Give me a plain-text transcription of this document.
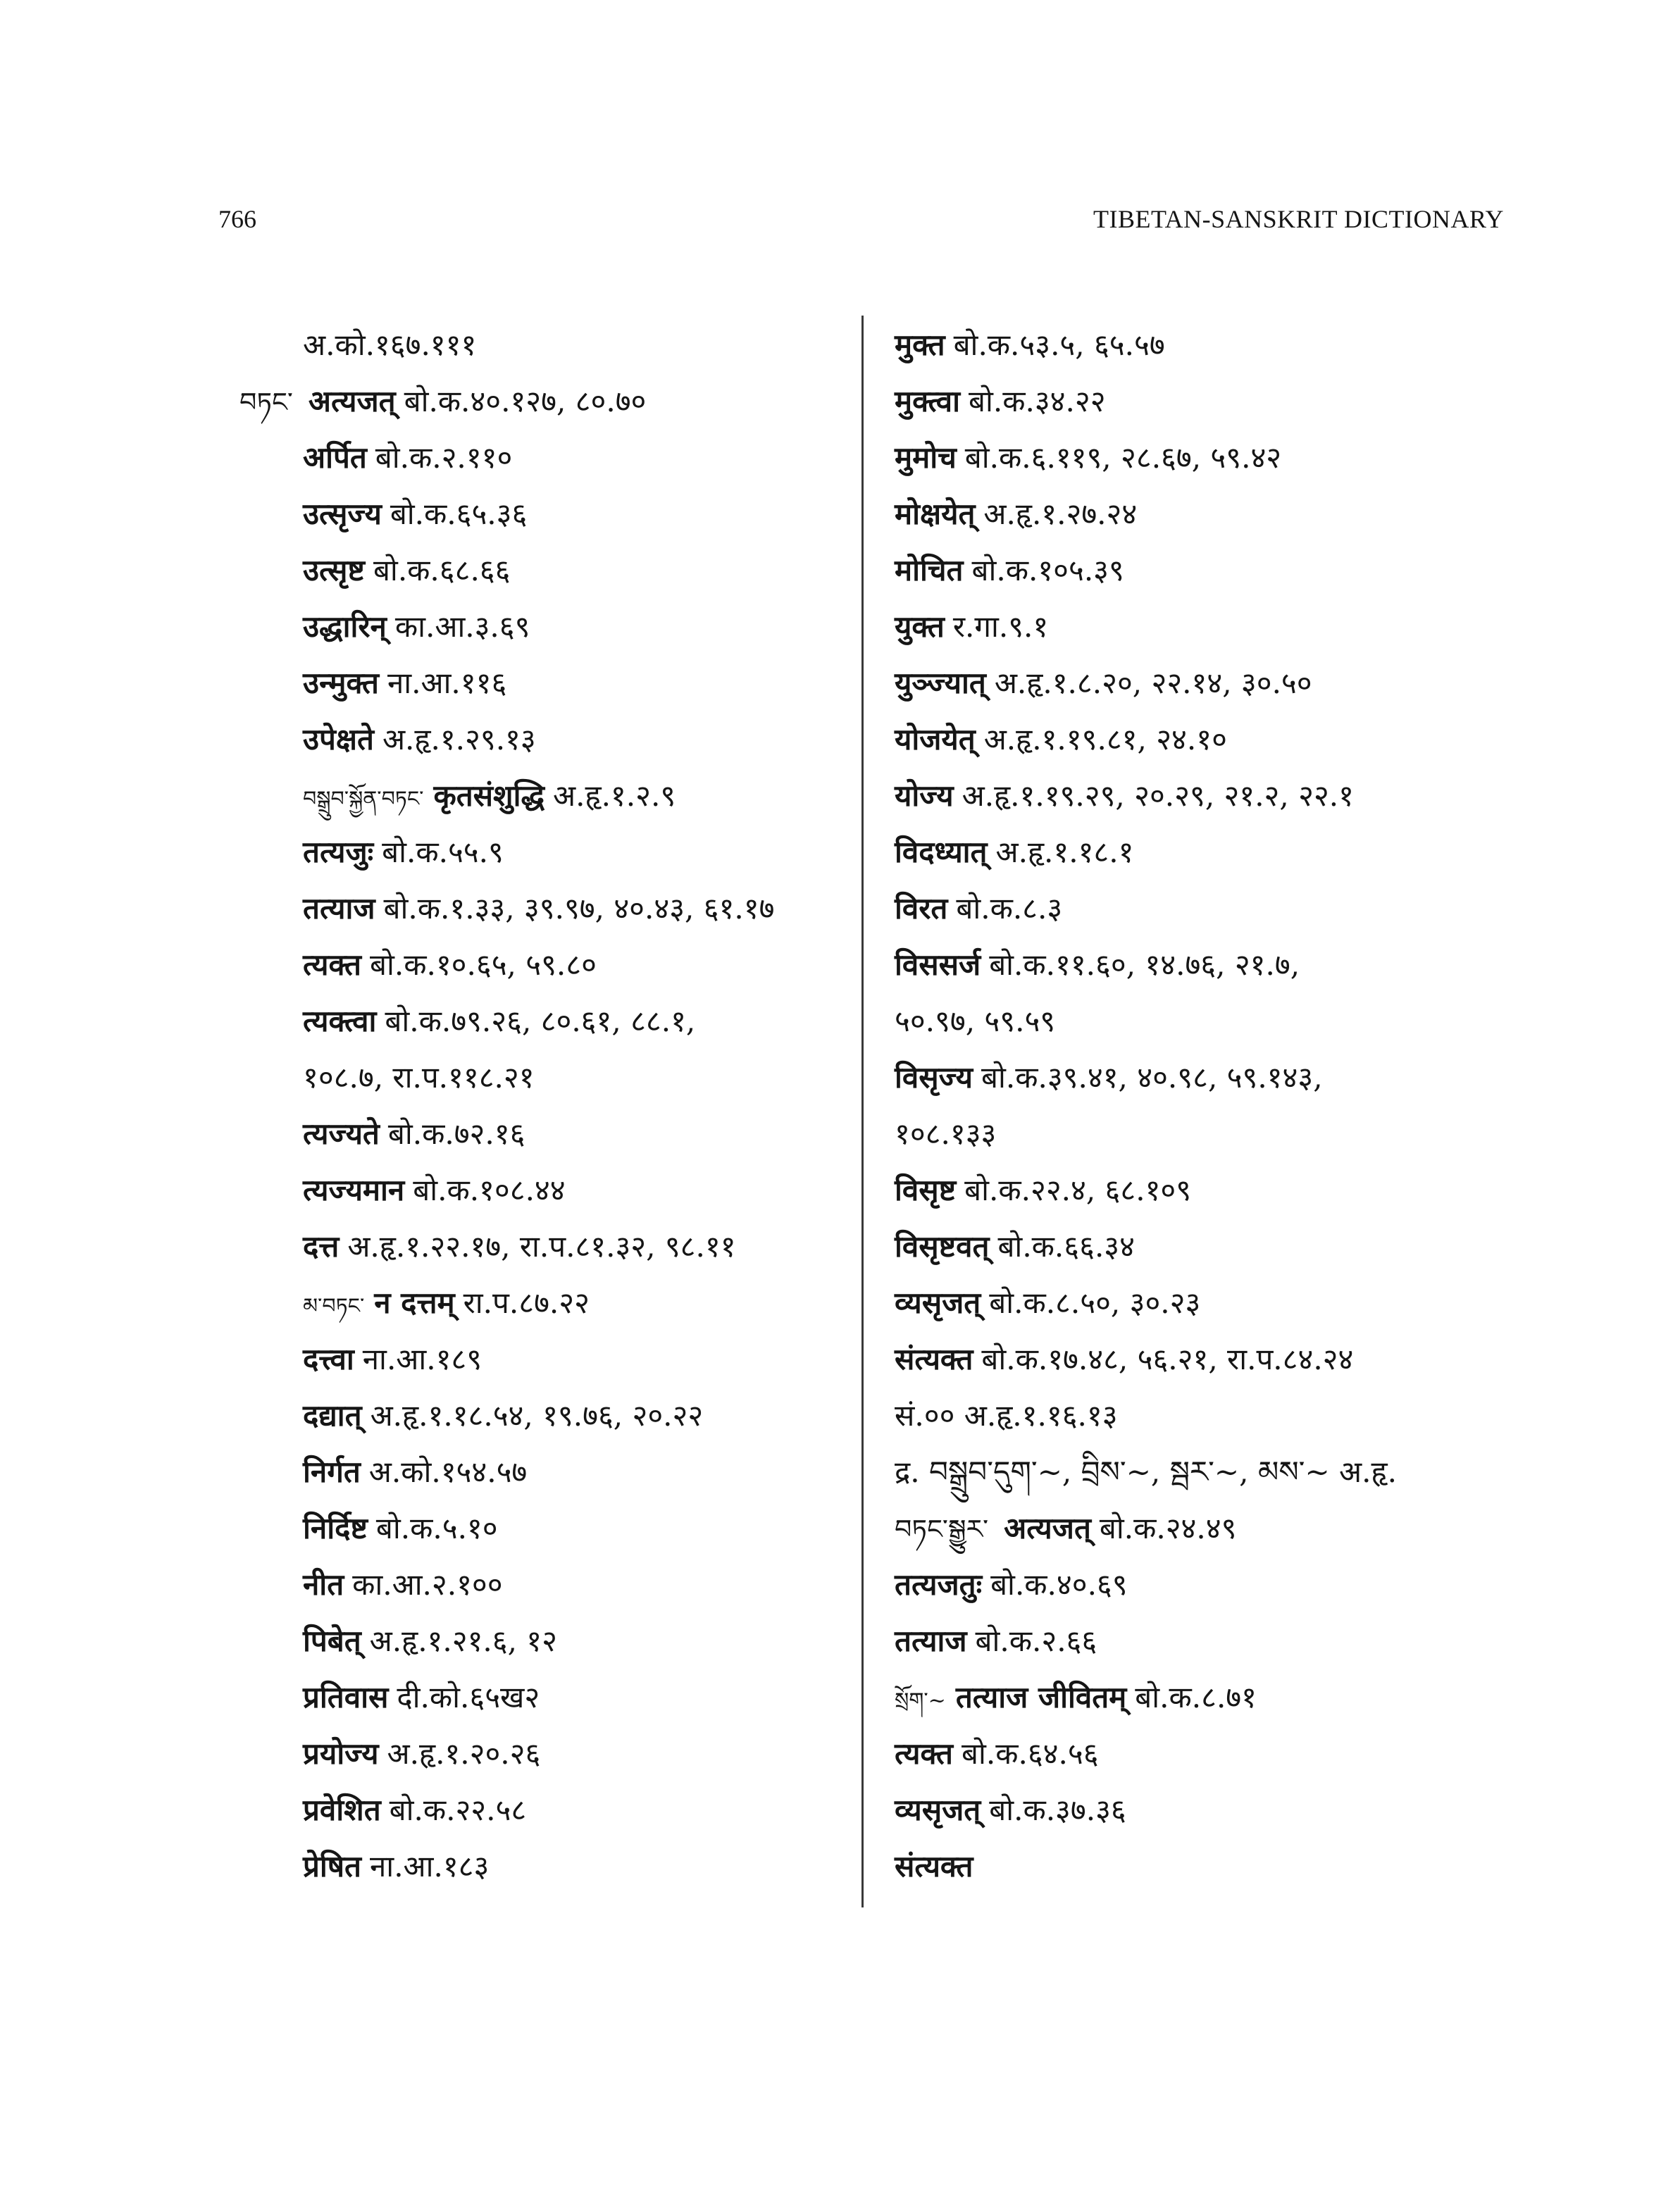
766	TIBETAN-SANSKRIT DICTIONARY
अ.को.१६७.१११
བཏང་ अत्यजत् बो.क.४०.१२७, ८०.७०
अर्पित बो.क.२.११०
उत्सृज्य बो.क.६५.३६
उत्सृष्ट बो.क.६८.६६
उद्धारिन् का.आ.३.६९
उन्मुक्त ना.आ.११६
उपेक्षते अ.हृ.१.२९.१३
བསྒྲུབ་སྐྱོན་བཏང་ कृतसंशुद्धि अ.हृ.१.२.९
तत्यजुः बो.क.५५.९
तत्याज बो.क.१.३३, ३९.९७, ४०.४३, ६१.१७
त्यक्त बो.क.१०.६५, ५९.८०
त्यक्त्वा बो.क.७९.२६, ८०.६१, ८८.१,
१०८.७, रा.प.११८.२१
त्यज्यते बो.क.७२.१६
त्यज्यमान बो.क.१०८.४४
दत्त अ.हृ.१.२२.१७, रा.प.८१.३२, ९८.११
མ་བཏང་ न दत्तम् रा.प.८७.२२
दत्त्वा ना.आ.१८९
दद्यात् अ.हृ.१.१८.५४, १९.७६, २०.२२
निर्गत अ.को.१५४.५७
निर्दिष्ट बो.क.५.१०
नीत का.आ.२.१००
पिबेत् अ.हृ.१.२१.६, १२
प्रतिवास दी.को.६५ख२
प्रयोज्य अ.हृ.१.२०.२६
प्रवेशित बो.क.२२.५८
प्रेषित ना.आ.१८३
मुक्त बो.क.५३.५, ६५.५७
मुक्त्वा बो.क.३४.२२
मुमोच बो.क.६.११९, २८.६७, ५९.४२
मोक्षयेत् अ.हृ.१.२७.२४
मोचित बो.क.१०५.३९
युक्त र.गा.९.१
युञ्ज्यात् अ.हृ.१.८.२०, २२.१४, ३०.५०
योजयेत् अ.हृ.१.१९.८१, २४.१०
योज्य अ.हृ.१.१९.२९, २०.२९, २१.२, २२.१
विदध्यात् अ.हृ.१.१८.१
विरत बो.क.८.३
विससर्ज बो.क.११.६०, १४.७६, २१.७,
५०.९७, ५९.५९
विसृज्य बो.क.३९.४१, ४०.९८, ५९.१४३,
१०८.१३३
विसृष्ट बो.क.२२.४, ६८.१०९
विसृष्टवत् बो.क.६६.३४
व्यसृजत् बो.क.८.५०, ३०.२३
संत्यक्त बो.क.१७.४८, ५६.२१, रा.प.८४.२४
सं.०० अ.हृ.१.१६.१३
द्र. བསྒྲུབ་དུག་~, བྲིས་~, སྦར་~, མས་~ अ.हृ.
བཏང་སྒྱུར་ अत्यजत् बो.क.२४.४९
तत्यजतुः बो.क.४०.६९
तत्याज बो.क.२.६६
སྲོག་~ तत्याज जीवितम् बो.क.८.७१
त्यक्त बो.क.६४.५६
व्यसृजत् बो.क.३७.३६
संत्यक्त
